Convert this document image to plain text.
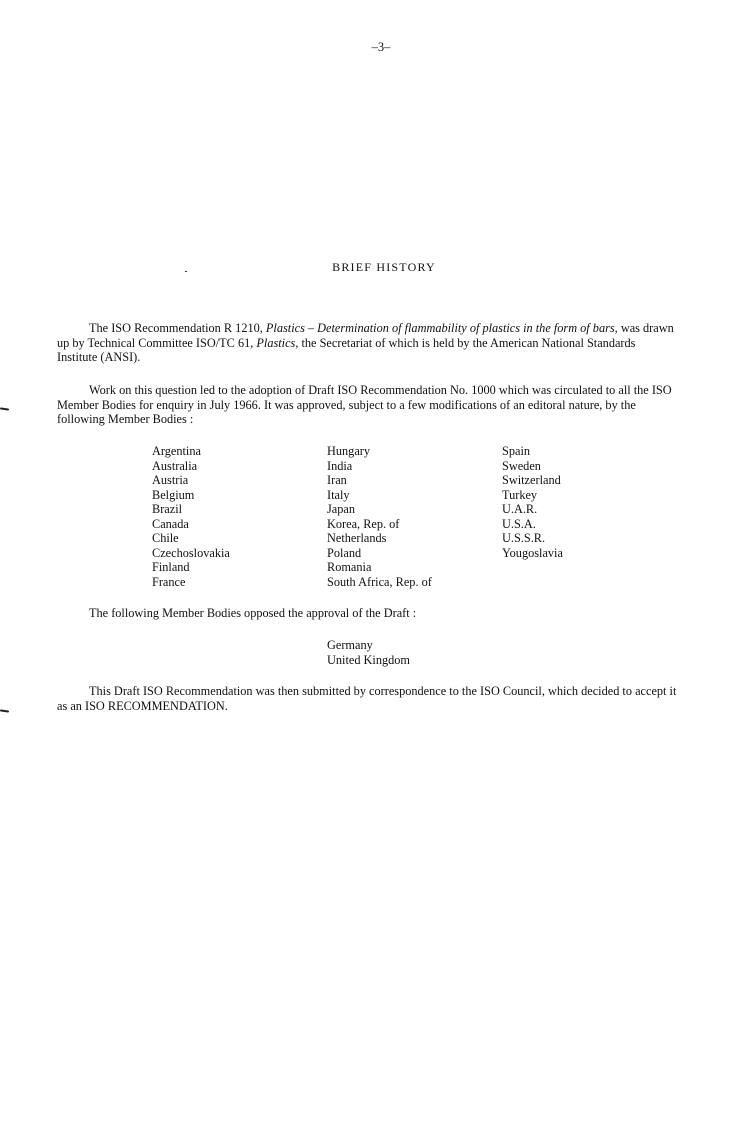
–3–
BRIEF HISTORY

The ISO Recommendation R 1210, Plastics – Determination of flammability of plastics in the form of bars, was drawn up by Technical Committee ISO/TC 61, Plastics, the Secretariat of which is held by the American National Standards Institute (ANSI).

Work on this question led to the adoption of Draft ISO Recommendation No. 1000 which was circulated to all the ISO Member Bodies for enquiry in July 1966. It was approved, subject to a few modifications of an editoral nature, by the following Member Bodies :

Argentina
Australia
Austria
Belgium
Brazil
Canada
Chile
Czechoslovakia
Finland
France
Hungary
India
Iran
Italy
Japan
Korea, Rep. of
Netherlands
Poland
Romania
South Africa, Rep. of
Spain
Sweden
Switzerland
Turkey
U.A.R.
U.S.A.
U.S.S.R.
Yougoslavia

The following Member Bodies opposed the approval of the Draft :

Germany
United Kingdom

This Draft ISO Recommendation was then submitted by correspondence to the ISO Council, which decided to accept it as an ISO RECOMMENDATION.
